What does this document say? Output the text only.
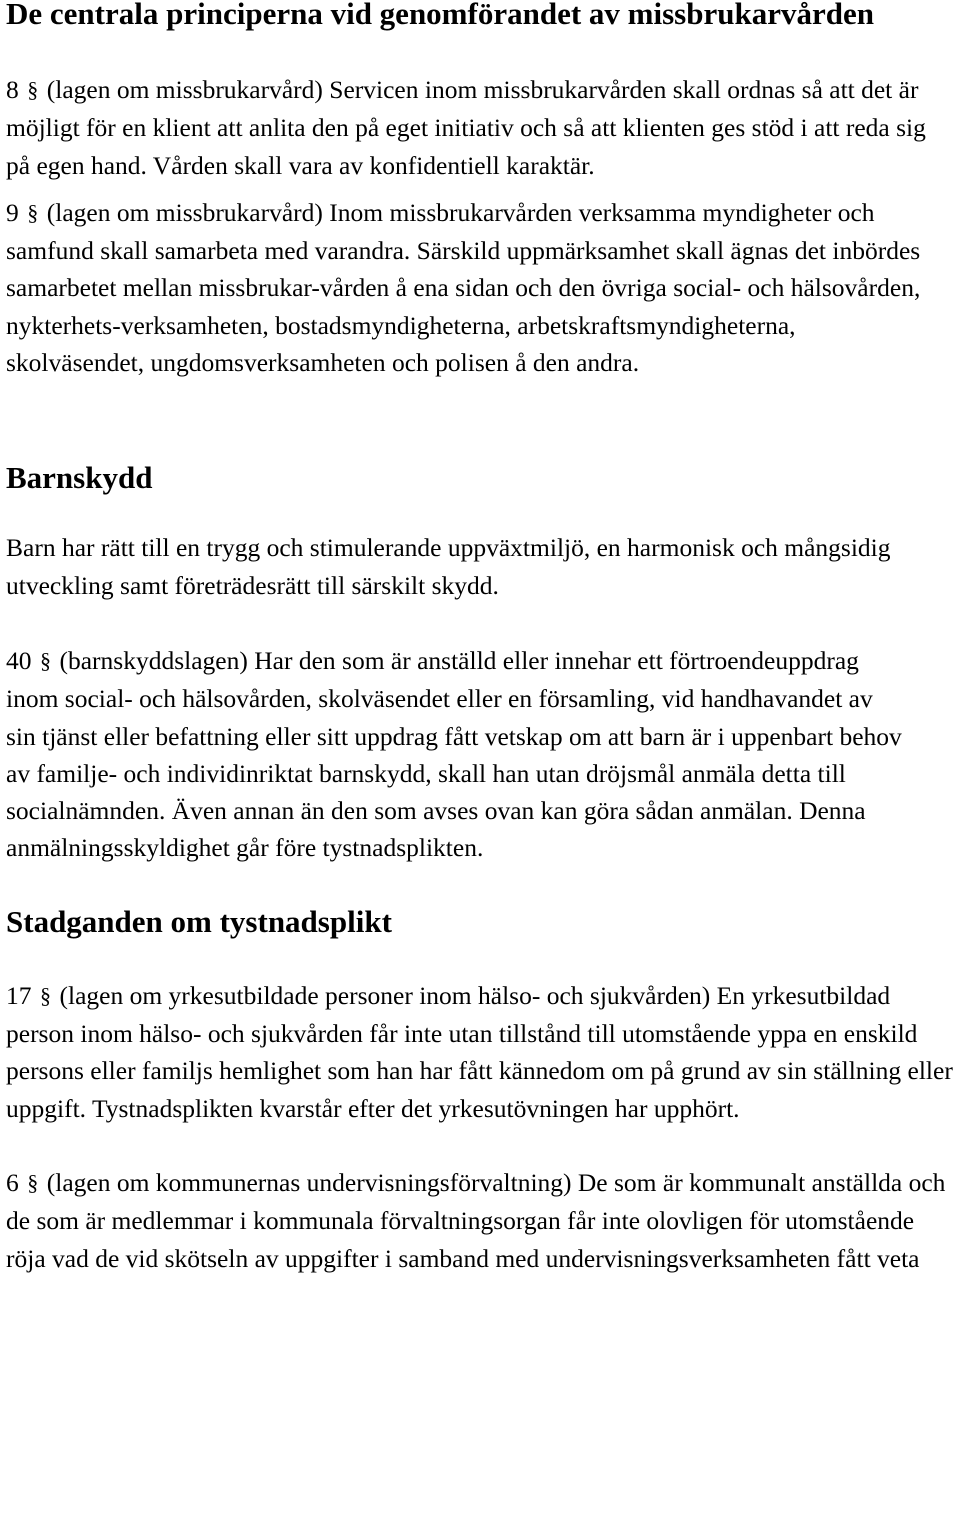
De centrala principerna vid genomförandet av missbrukarvården

8 § (lagen om missbrukarvård) Servicen inom missbrukarvården skall ordnas så att det är möjligt för en klient att anlita den på eget initiativ och så att klienten ges stöd i att reda sig på egen hand. Vården skall vara av konfidentiell karaktär.

9 § (lagen om missbrukarvård) Inom missbrukarvården verksamma myndigheter och samfund skall samarbeta med varandra. Särskild uppmärksamhet skall ägnas det inbördes samarbetet mellan missbrukar-vården å ena sidan och den övriga social- och hälsovården, nykterhets-verksamheten, bostadsmyndigheterna, arbetskraftsmyndigheterna, skolväsendet, ungdomsverksamheten och polisen å den andra.

Barnskydd

Barn har rätt till en trygg och stimulerande uppväxtmiljö, en harmonisk och mångsidig utveckling samt företrädesrätt till särskilt skydd.

40 § (barnskyddslagen) Har den som är anställd eller innehar ett förtroendeuppdrag inom social- och hälsovården, skolväsendet eller en församling, vid handhavandet av sin tjänst eller befattning eller sitt uppdrag fått vetskap om att barn är i uppenbart behov av familje- och individinriktat barnskydd, skall han utan dröjsmål anmäla detta till socialnämnden. Även annan än den som avses ovan kan göra sådan anmälan. Denna anmälningsskyldighet går före tystnadsplikten.

Stadganden om tystnadsplikt

17 § (lagen om yrkesutbildade personer inom hälso- och sjukvården) En yrkesutbildad person inom hälso- och sjukvården får inte utan tillstånd till utomstående yppa en enskild persons eller familjs hemlighet som han har fått kännedom om på grund av sin ställning eller uppgift. Tystnadsplikten kvarstår efter det yrkesutövningen har upphört.

6 § (lagen om kommunernas undervisningsförvaltning) De som är kommunalt anställda och de som är medlemmar i kommunala förvaltningsorgan får inte olovligen för utomstående röja vad de vid skötseln av uppgifter i samband med undervisningsverksamheten fått veta
